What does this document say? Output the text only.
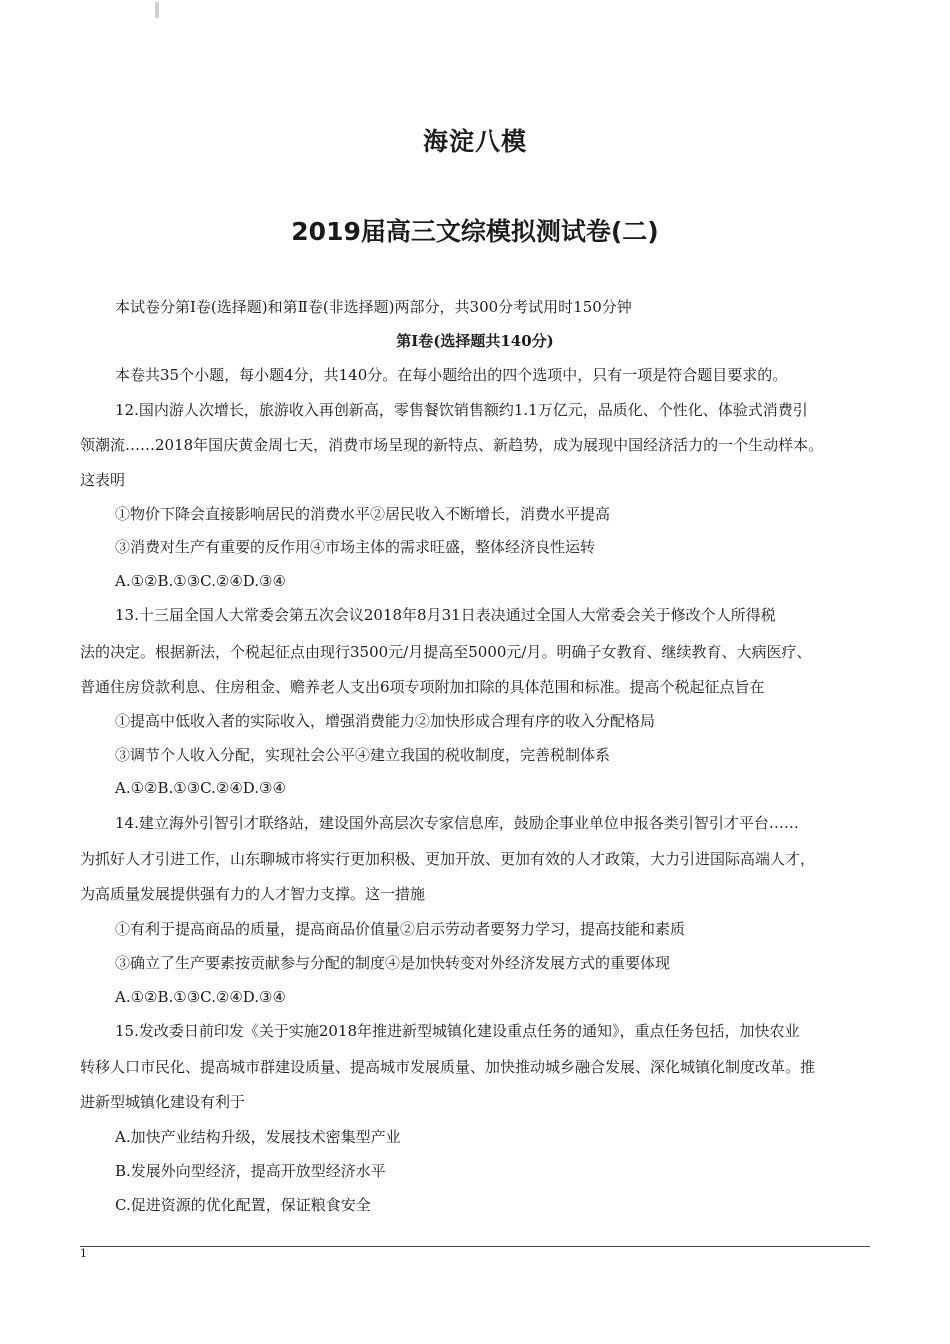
海淀八模
2019届高三文综模拟测试卷(二)
本试卷分第Ⅰ卷(选择题)和第Ⅱ卷(非选择题)两部分，共300分考试用时150分钟
第Ⅰ卷(选择题共140分)
本卷共35个小题，每小题4分，共140分。在每小题给出的四个选项中，只有一项是符合题目要求的。
12.国内游人次增长，旅游收入再创新高，零售餐饮销售额约1.1万亿元，品质化、个性化、体验式消费引
领潮流……2018年国庆黄金周七天，消费市场呈现的新特点、新趋势，成为展现中国经济活力的一个生动样本。
这表明
①物价下降会直接影响居民的消费水平②居民收入不断增长，消费水平提高
③消费对生产有重要的反作用④市场主体的需求旺盛，整体经济良性运转
A.①②B.①③C.②④D.③④
13.十三届全国人大常委会第五次会议2018年8月31日表决通过全国人大常委会关于修改个人所得税
法的决定。根据新法，个税起征点由现行3500元/月提高至5000元/月。明确子女教育、继续教育、大病医疗、
普通住房贷款利息、住房租金、赡养老人支出6项专项附加扣除的具体范围和标准。提高个税起征点旨在
①提高中低收入者的实际收入，增强消费能力②加快形成合理有序的收入分配格局
③调节个人收入分配，实现社会公平④建立我国的税收制度，完善税制体系
A.①②B.①③C.②④D.③④
14.建立海外引智引才联络站，建设国外高层次专家信息库，鼓励企事业单位申报各类引智引才平台……
为抓好人才引进工作，山东聊城市将实行更加积极、更加开放、更加有效的人才政策，大力引进国际高端人才，
为高质量发展提供强有力的人才智力支撑。这一措施
①有利于提高商品的质量，提高商品价值量②启示劳动者要努力学习，提高技能和素质
③确立了生产要素按贡献参与分配的制度④是加快转变对外经济发展方式的重要体现
A.①②B.①③C.②④D.③④
15.发改委日前印发《关于实施2018年推进新型城镇化建设重点任务的通知》，重点任务包括，加快农业
转移人口市民化、提高城市群建设质量、提高城市发展质量、加快推动城乡融合发展、深化城镇化制度改革。推
进新型城镇化建设有利于
A.加快产业结构升级，发展技术密集型产业
B.发展外向型经济，提高开放型经济水平
C.促进资源的优化配置，保证粮食安全
1
